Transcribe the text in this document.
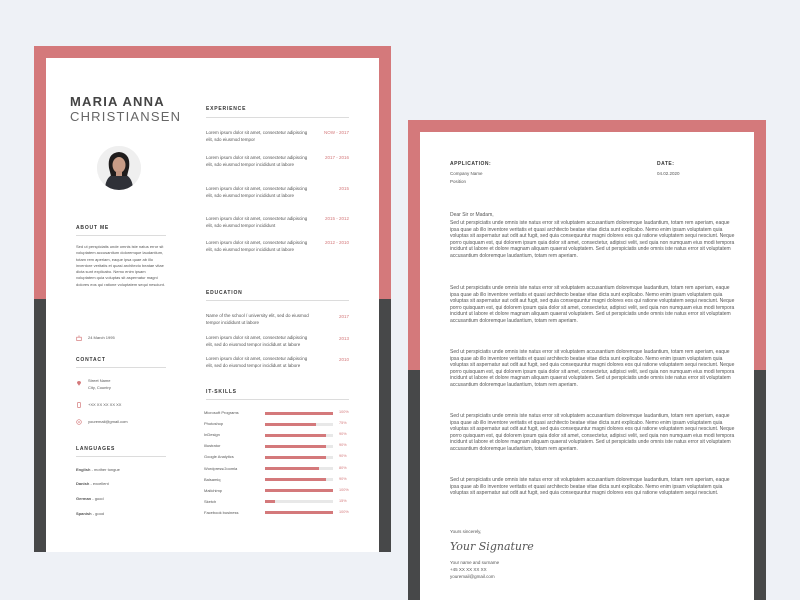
MARIA ANNA
CHRISTIANSEN
ABOUT ME
Sed ut perspiciatis unde omnis iste natus error sit voluptatem accusantium doloremque laudantium, totam rem aperiam, eaque ipsa quae ab illo inventore veritatis et quasi architecto beatae vitae dicta sunt explicabo. Nemo enim ipsam voluptatem quia voluptas sit aspernatur magni dolores eos qui ratione voluptatem sequi nesciunt.
24 March 1995
CONTACT
Street Name
City, Country
+XX XX XX XX XX
youremail@gmail.com
LANGUAGES
English - mother tongue
Danish - excellent
German - good
Spanish - good
EXPERIENCE
Lorem ipsum dolor sit amet, consectetur adipiscing elit, sdo eiusmod tempor
NOW - 2017
Lorem ipsum dolor sit amet, consectetur adipiscing elit, sdo eiusmod tempor incididunt ut labore
2017 - 2016
Lorem ipsum dolor sit amet, consectetur adipiscing elit, sdo eiusmod tempor incididunt ut labore
2015
Lorem ipsum dolor sit amet, consectetur adipiscing elit, sdo eiusmod tempor incididunt
2015 - 2012
Lorem ipsum dolor sit amet, consectetur adipiscing elit, sdo eiusmod tempor incididunt ut labore
2012 - 2010
EDUCATION
Name of the school / university elit, sed do eiusmod tempor incididunt ut labore
2017
Lorem ipsum dolor sit amet, consectetur adipiscing elit, sed do eiusmod tempor incididunt ut labore
2013
Lorem ipsum dolor sit amet, consectetur adipiscing elit, sed do eiusmod tempor incididunt ut labore
2010
IT-SKILLS
Microsoft Programs	100%
Photoshop	75%
InDesign	90%
Illustrator	90%
Google Analytics	90%
Wordpress/Joomla	80%
Balsamiq	90%
Mailchimp	100%
Sketch	15%
Facebook business	100%
APPLICATION:
Company Name
Position
DATE:
04.02.2020
Dear Sir or Madam,
Sed ut perspiciatis unde omnis iste natus error sit voluptatem accusantium doloremque laudantium, totam rem aperiam, eaque ipsa quae ab illo inventore veritatis et quasi architecto beatae vitae dicta sunt explicabo. Nemo enim ipsam voluptatem quia voluptas sit aspernatur aut odit aut fugit, sed quia consequuntur magni dolores eos qui ratione voluptatem sequi nesciunt. Neque porro quisquam est, qui dolorem ipsum quia dolor sit amet, consectetur, adipisci velit, sed quia non numquam eius modi tempora incidunt ut labore et dolore magnam aliquam quaerat voluptatem. Sed ut perspiciatis unde omnis iste natus error sit voluptatem accusantium doloremque laudantium, totam rem aperiam.
Sed ut perspiciatis unde omnis iste natus error sit voluptatem accusantium doloremque laudantium, totam rem aperiam, eaque ipsa quae ab illo inventore veritatis et quasi architecto beatae vitae dicta sunt explicabo. Nemo enim ipsam voluptatem quia voluptas sit aspernatur aut odit aut fugit, sed quia consequuntur magni dolores eos qui ratione voluptatem sequi nesciunt. Neque porro quisquam est, qui dolorem ipsum quia dolor sit amet, consectetur, adipisci velit, sed quia non numquam eius modi tempora incidunt ut labore et dolore magnam aliquam quaerat voluptatem. Sed ut perspiciatis unde omnis iste natus error sit voluptatem accusantium doloremque laudantium, totam rem aperiam.
Sed ut perspiciatis unde omnis iste natus error sit voluptatem accusantium doloremque laudantium, totam rem aperiam, eaque ipsa quae ab illo inventore veritatis et quasi architecto beatae vitae dicta sunt explicabo. Nemo enim ipsam voluptatem quia voluptas sit aspernatur aut odit aut fugit, sed quia consequuntur magni dolores eos qui ratione voluptatem sequi nesciunt. Neque porro quisquam est, qui dolorem ipsum quia dolor sit amet, consectetur, adipisci velit, sed quia non numquam eius modi tempora incidunt ut labore et dolore magnam aliquam quaerat voluptatem. Sed ut perspiciatis unde omnis iste natus error sit voluptatem accusantium doloremque laudantium, totam rem aperiam.
Sed ut perspiciatis unde omnis iste natus error sit voluptatem accusantium doloremque laudantium, totam rem aperiam, eaque ipsa quae ab illo inventore veritatis et quasi architecto beatae vitae dicta sunt explicabo. Nemo enim ipsam voluptatem quia voluptas sit aspernatur aut odit aut fugit, sed quia consequuntur magni dolores eos qui ratione voluptatem sequi nesciunt. Neque porro quisquam est, qui dolorem ipsum quia dolor sit amet, consectetur, adipisci velit, sed quia non numquam eius modi tempora incidunt ut labore et dolore magnam aliquam quaerat voluptatem. Sed ut perspiciatis unde omnis iste natus error sit voluptatem accusantium doloremque laudantium, totam rem aperiam.
Sed ut perspiciatis unde omnis iste natus error sit voluptatem accusantium doloremque laudantium, totam rem aperiam, eaque ipsa quae ab illo inventore veritatis et quasi architecto beatae vitae dicta sunt explicabo. Nemo enim ipsam voluptatem quia voluptas sit aspernatur aut odit aut fugit, sed quia consequuntur magni dolores eos qui ratione voluptatem sequi nesciunt.
Yours sincerely,
Your Signature
Your name and surname
+45 XX XX XX XX
youremail@gmail.com
